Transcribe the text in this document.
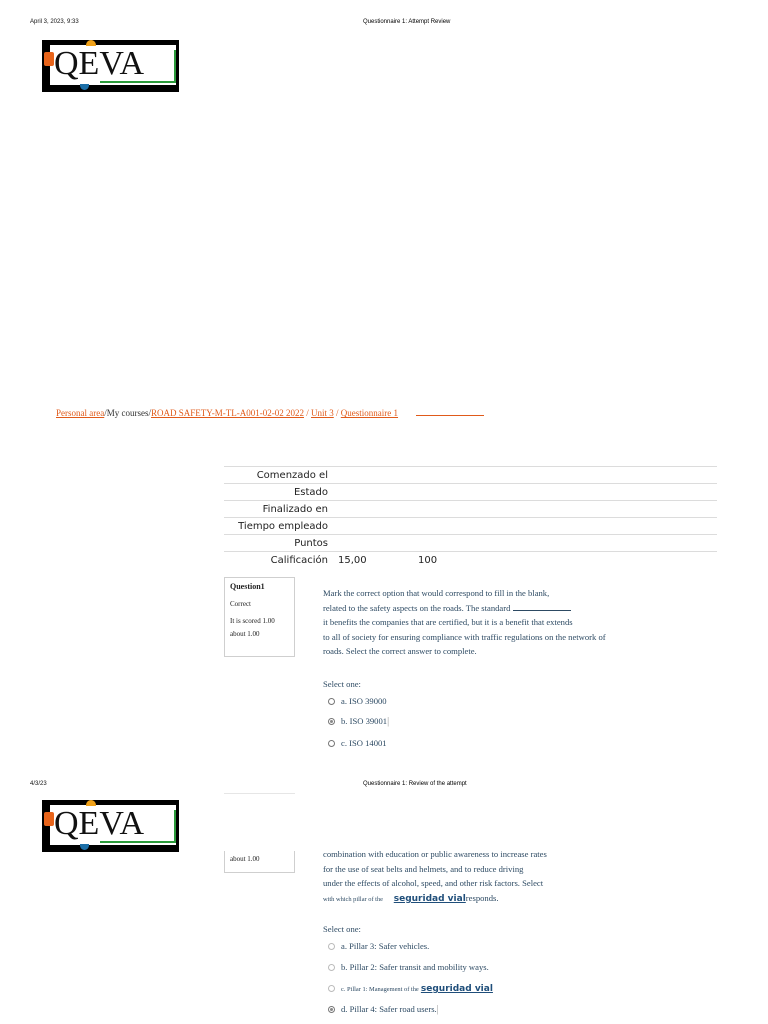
April 3, 2023, 9:33	Questionnaire 1: Attempt Review
QEVA
Personal area/My courses/ROAD SAFETY-M-TL-A001-02-02 2022 / Unit 3 / Questionnaire 1
Comenzado el		
Estado		
Finalizado en		
Tiempo empleado		
Puntos		
Calificación	15,00	100
Question1
Correct
It is scored 1.00
about 1.00
Mark the correct option that would correspond to fill in the blank,
related to the safety aspects on the roads. The standard
it benefits the companies that are certified, but it is a benefit that extends
to all of society for ensuring compliance with traffic regulations on the network of
roads. Select the correct answer to complete.
Select one:
a. ISO 39000
b. ISO 39001|
c. ISO 14001
4/3/23	Questionnaire 1: Review of the attempt
QEVA
about 1.00	combination with education or public awareness to increase rates
for the use of seat belts and helmets, and to reduce driving
under the effects of alcohol, speed, and other risk factors. Select
with which pillar of the seguridad vialresponds.
Select one:
a. Pillar 3: Safer vehicles.
b. Pillar 2: Safer transit and mobility ways.
c. Pillar 1: Management of the seguridad vial
d. Pillar 4: Safer road users.|
